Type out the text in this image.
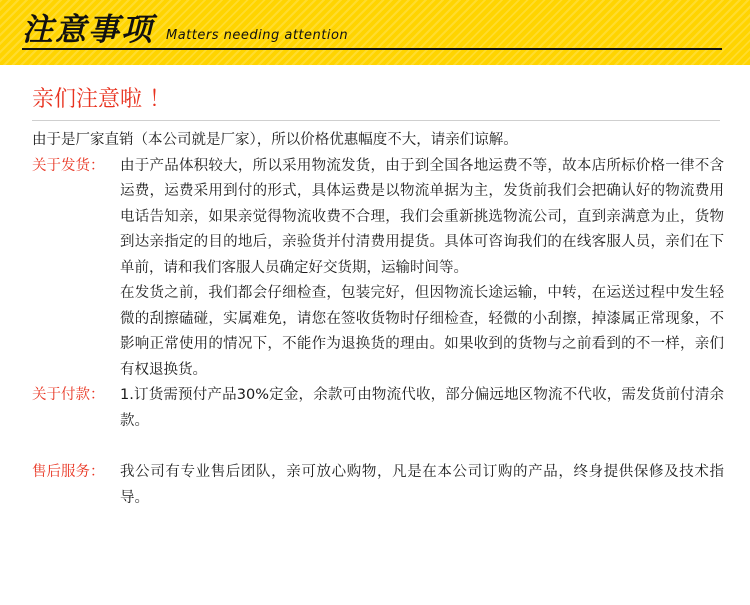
注意事项 Matters needing attention
亲们注意啦 ！

由于是厂家直销（本公司就是厂家），所以价格优惠幅度不大，请亲们谅解。

关于发货：	由于产品体积较大，所以采用物流发货，由于到全国各地运费不等，故本店所标价格一律不含运费，运费采用到付的形式，具体运费是以物流单据为主，发货前我们会把确认好的物流费用电话告知亲，如果亲觉得物流收费不合理，我们会重新挑选物流公司，直到亲满意为止，货物到达亲指定的目的地后，亲验货并付清费用提货。具体可咨询我们的在线客服人员，亲们在下单前，请和我们客服人员确定好交货期，运输时间等。

在发货之前，我们都会仔细检查，包装完好，但因物流长途运输，中转，在运送过程中发生轻微的刮擦磕碰，实属难免，请您在签收货物时仔细检查，轻微的小刮擦，掉漆属正常现象，不影响正常使用的情况下，不能作为退换货的理由。如果收到的货物与之前看到的不一样，亲们有权退换货。

关于付款：	1.订货需预付产品30%定金，余款可由物流代收，部分偏远地区物流不代收，需发货前付清余款。

售后服务：	我公司有专业售后团队，亲可放心购物，凡是在本公司订购的产品，终身提供保修及技术指导。
